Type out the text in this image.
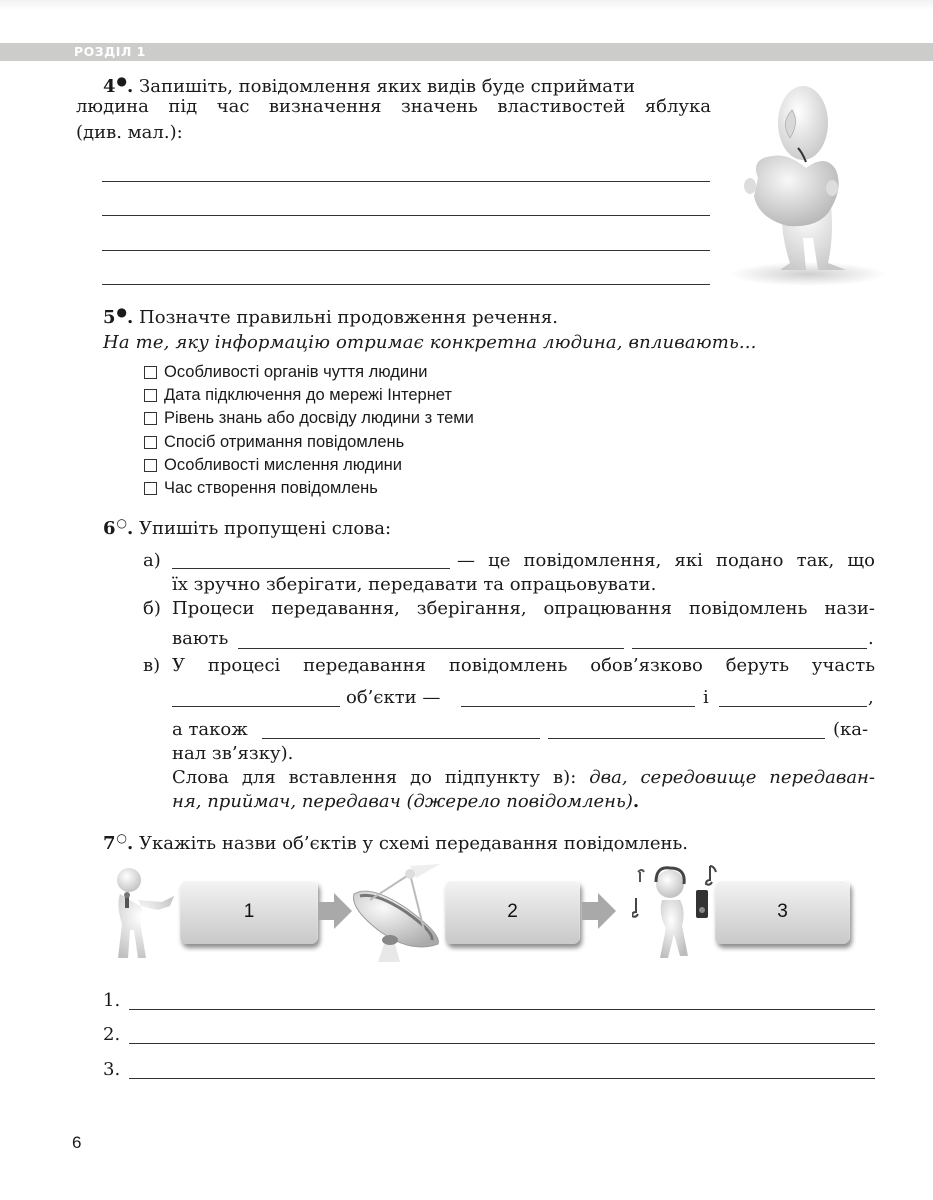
РОЗДІЛ 1
4●. Запишіть, повідомлення яких видів буде сприймати
людина під час визначення значень властивостей яблука
(див. мал.):
5●. Позначте правильні продовження речення.
На те, яку інформацію отримає конкретна людина, впливають...
Особливості органів чуття людини
Дата підключення до мережі Інтернет
Рівень знань або досвіду людини з теми
Спосіб отримання повідомлень
Особливості мислення людини
Час створення повідомлень
6○. Упишіть пропущені слова:
а)	— це повідомлення, які подано так, що
їх зручно зберігати, передавати та опрацьовувати.
б) Процеси передавання, зберігання, опрацювання повідомлень нази-
вають	.
в) У процесі передавання повідомлень обов’язково беруть участь
об’єкти —	і	,
а також	(ка-
нал зв’язку).
Слова для вставлення до підпункту в): два, середовище передаван-
ня, приймач, передавач (джерело повідомлень).
7○. Укажіть назви об’єктів у схемі передавання повідомлень.
1	2	3
1.
2.
3.
6
